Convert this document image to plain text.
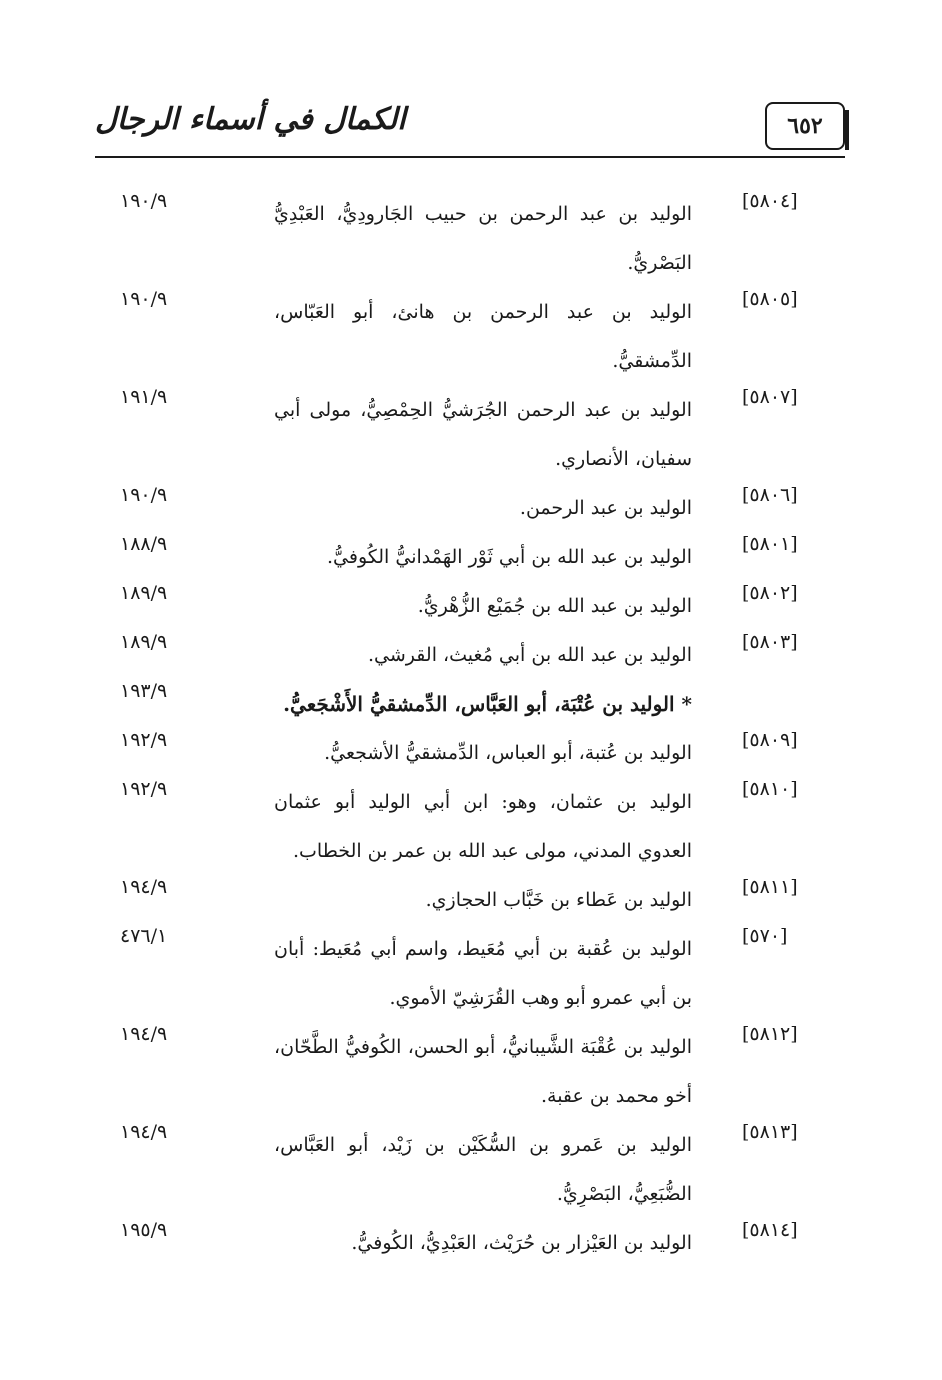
٦٥٢
الكمال في أسماء الرجال
[٥٨٠٤]
الوليد بن عبد الرحمن بن حبيب الجَارودِيُّ، العَبْدِيُّ البَصْريُّ.
١٩٠/٩
[٥٨٠٥]
الوليد بن عبد الرحمن بن هانئ، أبو العَبّاس، الدِّمشقيُّ.
١٩٠/٩
[٥٨٠٧]
الوليد بن عبد الرحمن الجُرَشيُّ الحِمْصِيُّ، مولى أبي سفيان، الأنصاري.
١٩١/٩
[٥٨٠٦]
الوليد بن عبد الرحمن.
١٩٠/٩
[٥٨٠١]
الوليد بن عبد الله بن أبي ثَوْر الهَمْدانيُّ الكُوفيُّ.
١٨٨/٩
[٥٨٠٢]
الوليد بن عبد الله بن جُمَيْع الزُّهْريُّ.
١٨٩/٩
[٥٨٠٣]
الوليد بن عبد الله بن أبي مُغيث، القرشي.
١٨٩/٩
* الوليد بن عُتْبَة، أبو العَبَّاس، الدِّمشقيُّ الأَشْجَعيُّ.
١٩٣/٩
[٥٨٠٩]
الوليد بن عُتبة، أبو العباس، الدِّمشقيُّ الأشجعيُّ.
١٩٢/٩
[٥٨١٠]
الوليد بن عثمان، وهو: ابن أبي الوليد أبو عثمان العدوي المدني، مولى عبد الله بن عمر بن الخطاب.
١٩٢/٩
[٥٨١١]
الوليد بن عَطاء بن خَبَّاب الحجازي.
١٩٤/٩
[٥٧٠]
الوليد بن عُقبة بن أبي مُعَيط، واسم أبي مُعَيط: أبان بن أبي عمرو أبو وهب القُرَشِيّ الأموي.
٤٧٦/١
[٥٨١٢]
الوليد بن عُقْبَة الشَّيبانيُّ، أبو الحسن، الكُوفيُّ الطَّحّان، أخو محمد بن عقبة.
١٩٤/٩
[٥٨١٣]
الوليد بن عَمرو بن السُّكَيْن بن زَيْد، أبو العَبَّاس، الضُّبَعِيُّ، البَصْرِيُّ.
١٩٤/٩
[٥٨١٤]
الوليد بن العَيْزار بن حُرَيْث، العَبْدِيُّ، الكُوفيُّ.
١٩٥/٩
